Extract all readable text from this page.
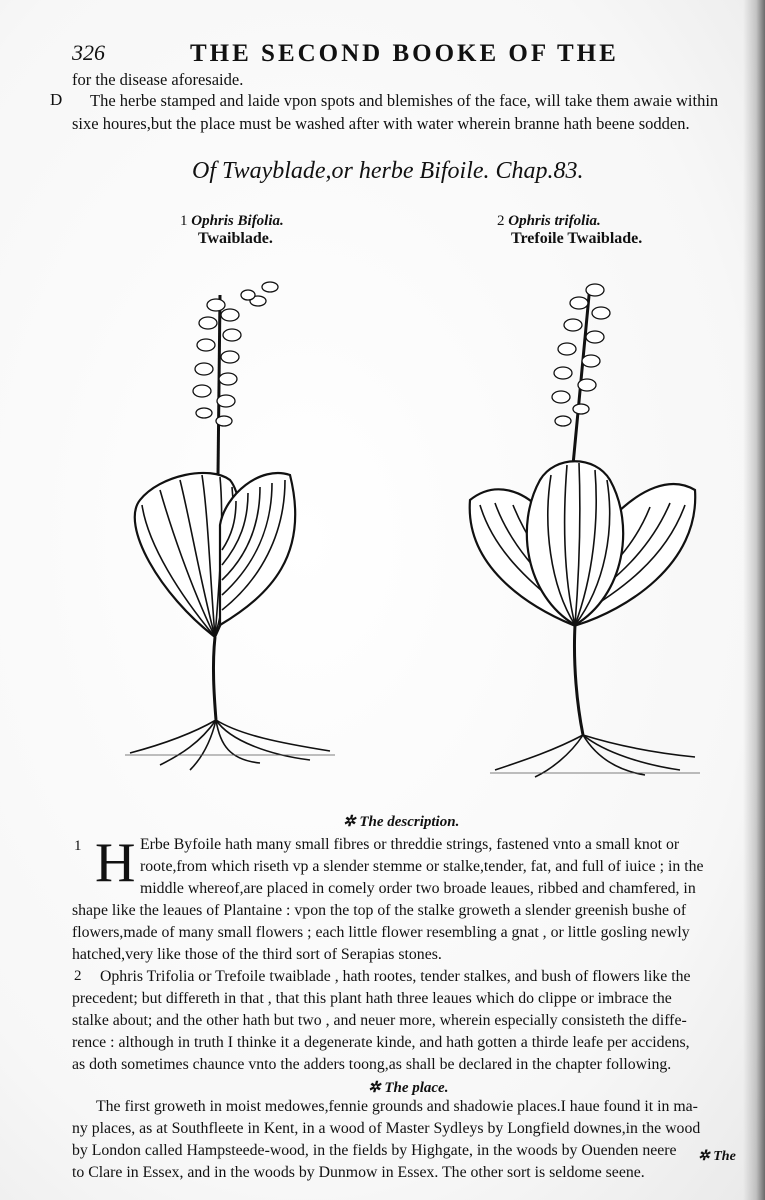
326	THE SECOND BOOKE OF THE
for the disease aforesaide.
D The herbe stamped and laide vpon spots and blemishes of the face, will take them awaie within
sixe houres,but the place must be washed after with water wherein branne hath beene sodden.
Of Twayblade,or herbe Bifoile. Chap.83.
1 Ophris Bifolia.
Twaiblade.
2 Ophris trifolia.
Trefoile Twaiblade.
✲ The description.
1 H Erbe Byfoile hath many small fibres or threddie strings, fastened vnto a small knot or
roote,from which riseth vp a slender stemme or stalke,tender, fat, and full of iuice ; in the
middle whereof,are placed in comely order two broade leaues, ribbed and chamfered, in
shape like the leaues of Plantaine : vpon the top of the stalke groweth a slender greenish bushe of
flowers,made of many small flowers ; each little flower resembling a gnat , or little gosling newly
hatched,very like those of the third sort of Serapias stones.
2 Ophris Trifolia or Trefoile twaiblade , hath rootes, tender stalkes, and bush of flowers like the
precedent; but differeth in that , that this plant hath three leaues which do clippe or imbrace the
stalke about; and the other hath but two , and neuer more, wherein especially consisteth the diffe-
rence : although in truth I thinke it a degenerate kinde, and hath gotten a thirde leafe per accidens,
as doth sometimes chaunce vnto the adders toong,as shall be declared in the chapter following.
✲ The place.
The first groweth in moist medowes,fennie grounds and shadowie places.I haue found it in ma-
ny places, as at Southfleete in Kent, in a wood of Master Sydleys by Longfield downes,in the wood
by London called Hampsteede-wood, in the fields by Highgate, in the woods by Ouenden neere
to Clare in Essex, and in the woods by Dunmow in Essex. The other sort is seldome seene.
✲ The
